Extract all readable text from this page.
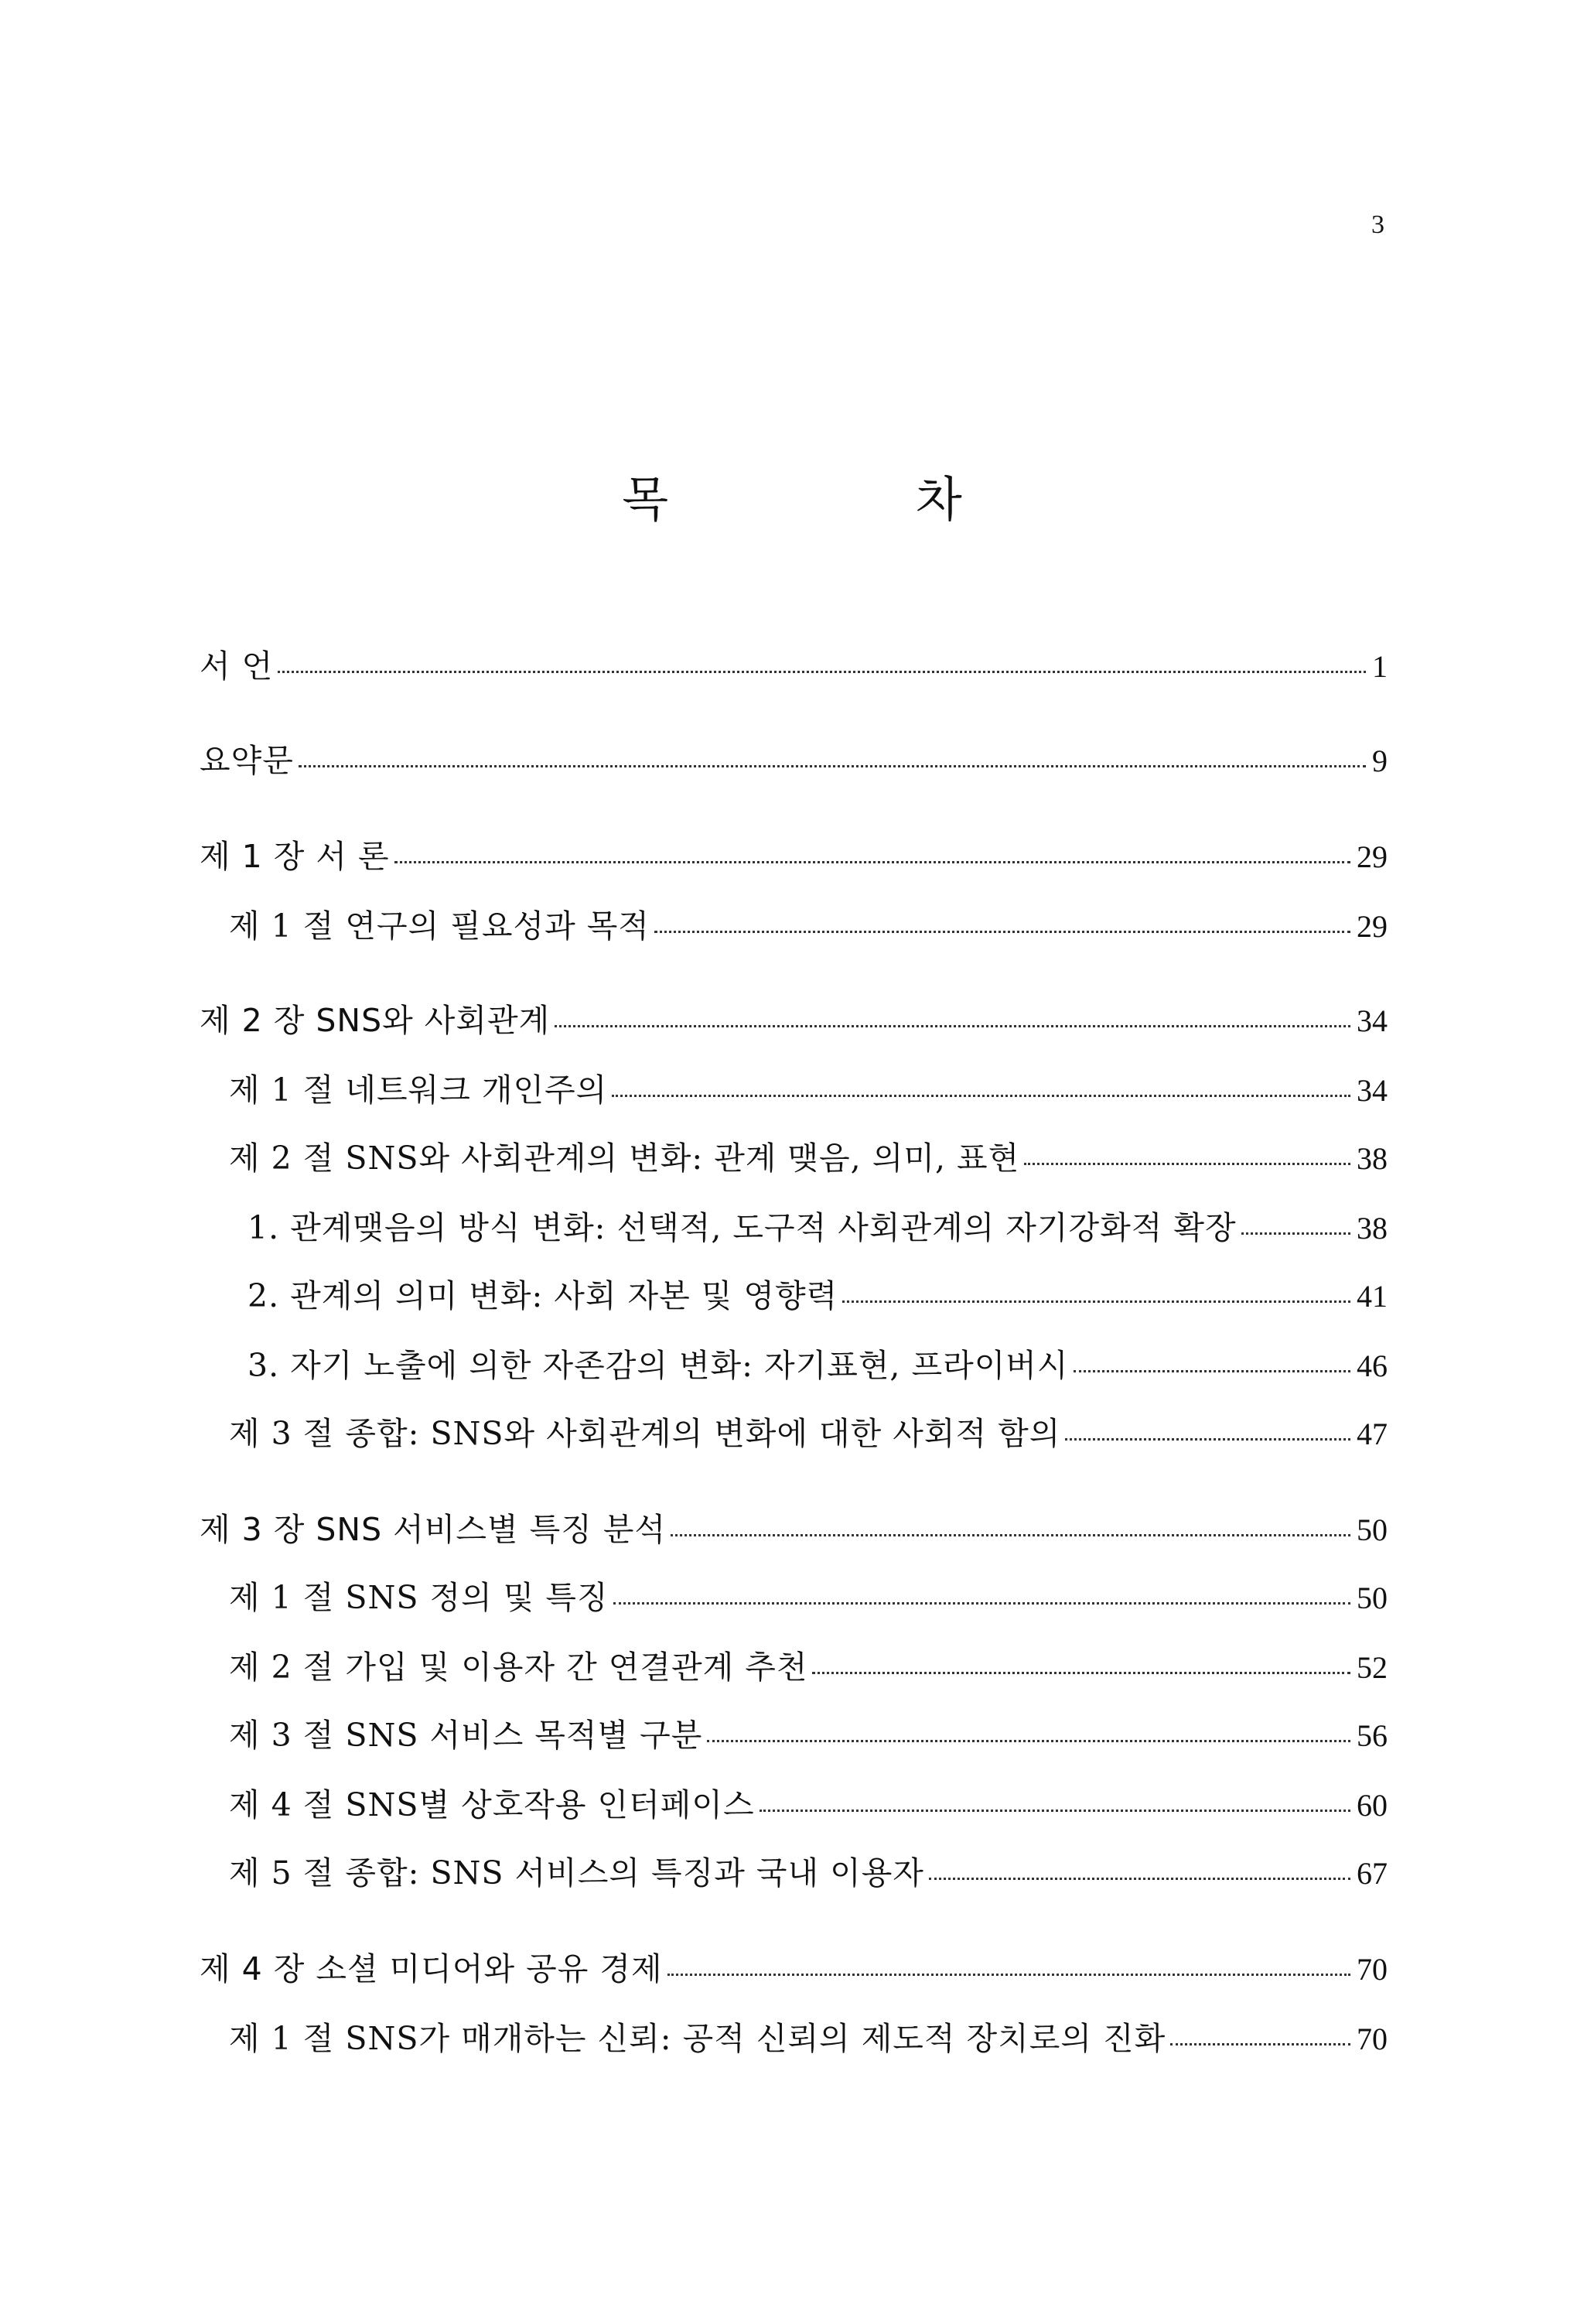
3
목 차
서 언	1
요약문	9
제 1 장 서 론	29
제 1 절 연구의 필요성과 목적	29
제 2 장 SNS와 사회관계	34
제 1 절 네트워크 개인주의	34
제 2 절 SNS와 사회관계의 변화: 관계 맺음, 의미, 표현	38
1. 관계맺음의 방식 변화: 선택적, 도구적 사회관계의 자기강화적 확장	38
2. 관계의 의미 변화: 사회 자본 및 영향력	41
3. 자기 노출에 의한 자존감의 변화: 자기표현, 프라이버시	46
제 3 절 종합: SNS와 사회관계의 변화에 대한 사회적 함의	47
제 3 장 SNS 서비스별 특징 분석	50
제 1 절 SNS 정의 및 특징	50
제 2 절 가입 및 이용자 간 연결관계 추천	52
제 3 절 SNS 서비스 목적별 구분	56
제 4 절 SNS별 상호작용 인터페이스	60
제 5 절 종합: SNS 서비스의 특징과 국내 이용자	67
제 4 장 소셜 미디어와 공유 경제	70
제 1 절 SNS가 매개하는 신뢰: 공적 신뢰의 제도적 장치로의 진화	70
